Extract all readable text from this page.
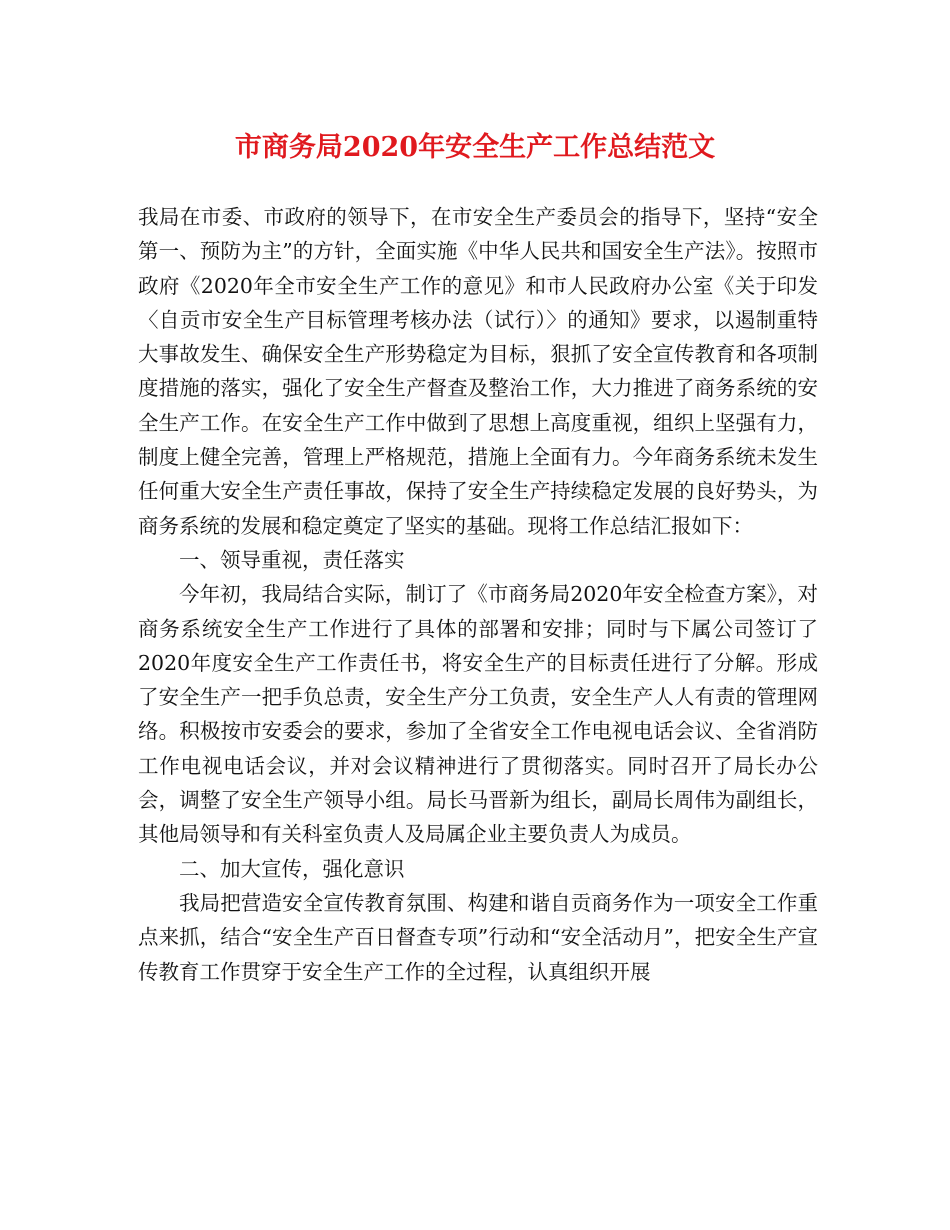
市商务局2020年安全生产工作总结范文

我局在市委、市政府的领导下，在市安全生产委员会的指导下，坚持“安全第一、预防为主”的方针，全面实施《中华人民共和国安全生产法》。按照市政府《2020年全市安全生产工作的意见》和市人民政府办公室《关于印发〈自贡市安全生产目标管理考核办法（试行）〉的通知》要求，以遏制重特大事故发生、确保安全生产形势稳定为目标，狠抓了安全宣传教育和各项制度措施的落实，强化了安全生产督查及整治工作，大力推进了商务系统的安全生产工作。在安全生产工作中做到了思想上高度重视，组织上坚强有力，制度上健全完善，管理上严格规范，措施上全面有力。今年商务系统未发生任何重大安全生产责任事故，保持了安全生产持续稳定发展的良好势头，为商务系统的发展和稳定奠定了坚实的基础。现将工作总结汇报如下：

一、领导重视，责任落实

今年初，我局结合实际，制订了《市商务局2020年安全检查方案》，对商务系统安全生产工作进行了具体的部署和安排；同时与下属公司签订了2020年度安全生产工作责任书，将安全生产的目标责任进行了分解。形成了安全生产一把手负总责，安全生产分工负责，安全生产人人有责的管理网络。积极按市安委会的要求，参加了全省安全工作电视电话会议、全省消防工作电视电话会议，并对会议精神进行了贯彻落实。同时召开了局长办公会，调整了安全生产领导小组。局长马晋新为组长，副局长周伟为副组长，其他局领导和有关科室负责人及局属企业主要负责人为成员。

二、加大宣传，强化意识

我局把营造安全宣传教育氛围、构建和谐自贡商务作为一项安全工作重点来抓，结合“安全生产百日督查专项”行动和“安全活动月”，把安全生产宣传教育工作贯穿于安全生产工作的全过程，认真组织开展
